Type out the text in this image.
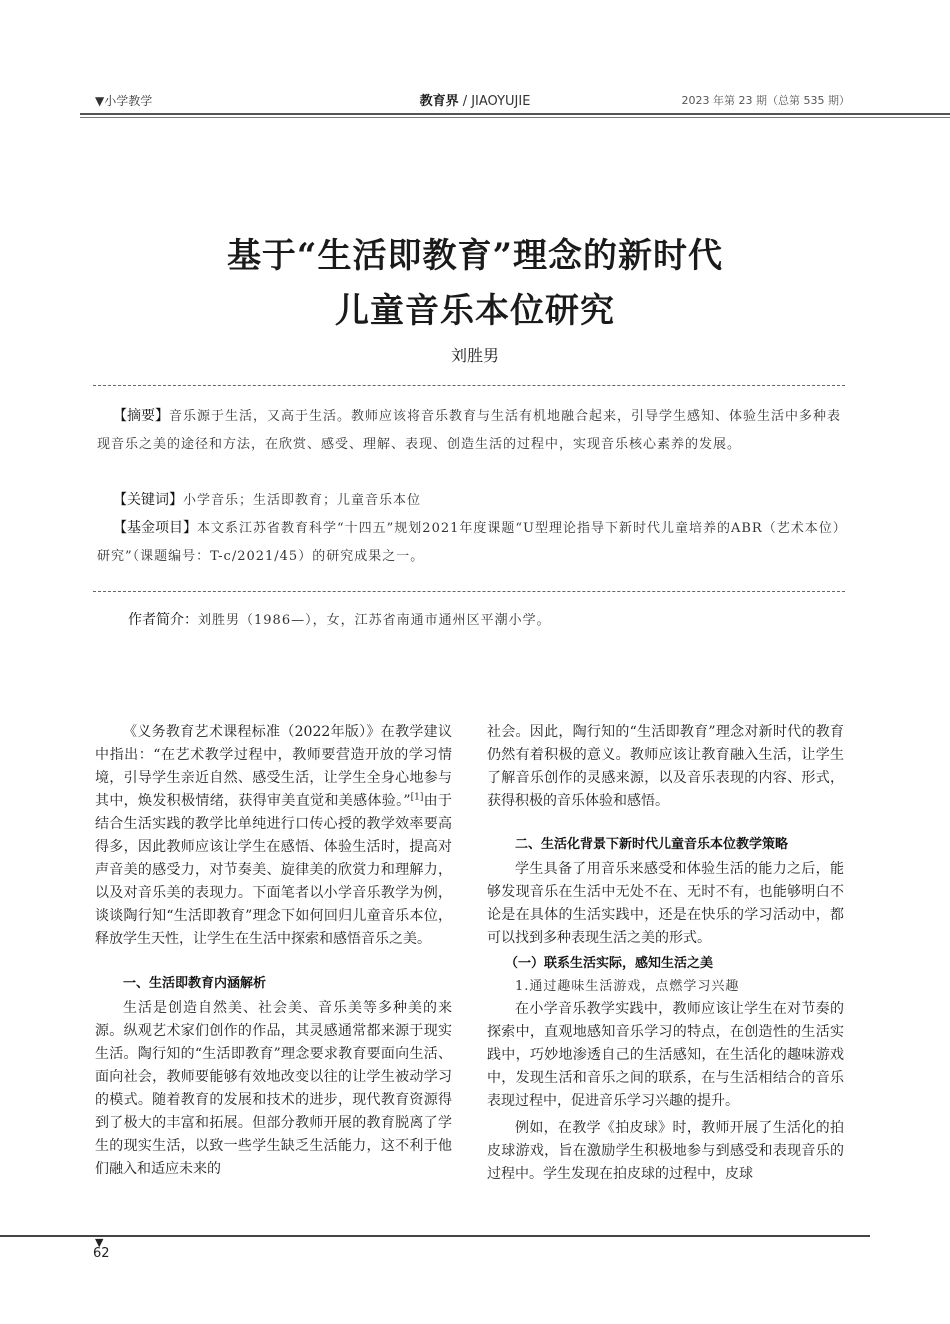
▼小学教学	教育界 / JIAOYUJIE	2023 年第 23 期（总第 535 期）
基于“生活即教育”理念的新时代
儿童音乐本位研究
刘胜男
【摘要】音乐源于生活，又高于生活。教师应该将音乐教育与生活有机地融合起来，引导学生感知、体验生活中多种表现音乐之美的途径和方法，在欣赏、感受、理解、表现、创造生活的过程中，实现音乐核心素养的发展。
【关键词】小学音乐；生活即教育；儿童音乐本位
【基金项目】本文系江苏省教育科学“十四五”规划2021年度课题“U型理论指导下新时代儿童培养的ABR（艺术本位）研究”（课题编号：T-c/2021/45）的研究成果之一。
作者简介：刘胜男（1986—），女，江苏省南通市通州区平潮小学。

《义务教育艺术课程标准（2022年版）》在教学建议中指出：“在艺术教学过程中，教师要营造开放的学习情境，引导学生亲近自然、感受生活，让学生全身心地参与其中，焕发积极情绪，获得审美直觉和美感体验。”[1]由于结合生活实践的教学比单纯进行口传心授的教学效率要高得多，因此教师应该让学生在感悟、体验生活时，提高对声音美的感受力，对节奏美、旋律美的欣赏力和理解力，以及对音乐美的表现力。下面笔者以小学音乐教学为例，谈谈陶行知“生活即教育”理念下如何回归儿童音乐本位，释放学生天性，让学生在生活中探索和感悟音乐之美。

一、生活即教育内涵解析

生活是创造自然美、社会美、音乐美等多种美的来源。纵观艺术家们创作的作品，其灵感通常都来源于现实生活。陶行知的“生活即教育”理念要求教育要面向生活、面向社会，教师要能够有效地改变以往的让学生被动学习的模式。随着教育的发展和技术的进步，现代教育资源得到了极大的丰富和拓展。但部分教师开展的教育脱离了学生的现实生活，以致一些学生缺乏生活能力，这不利于他们融入和适应未来的

社会。因此，陶行知的“生活即教育”理念对新时代的教育仍然有着积极的意义。教师应该让教育融入生活，让学生了解音乐创作的灵感来源，以及音乐表现的内容、形式，获得积极的音乐体验和感悟。

二、生活化背景下新时代儿童音乐本位教学策略

学生具备了用音乐来感受和体验生活的能力之后，能够发现音乐在生活中无处不在、无时不有，也能够明白不论是在具体的生活实践中，还是在快乐的学习活动中，都可以找到多种表现生活之美的形式。

（一）联系生活实际，感知生活之美

1.通过趣味生活游戏，点燃学习兴趣

在小学音乐教学实践中，教师应该让学生在对节奏的探索中，直观地感知音乐学习的特点，在创造性的生活实践中，巧妙地渗透自己的生活感知，在生活化的趣味游戏中，发现生活和音乐之间的联系，在与生活相结合的音乐表现过程中，促进音乐学习兴趣的提升。

例如，在教学《拍皮球》时，教师开展了生活化的拍皮球游戏，旨在激励学生积极地参与到感受和表现音乐的过程中。学生发现在拍皮球的过程中，皮球

▼
62
